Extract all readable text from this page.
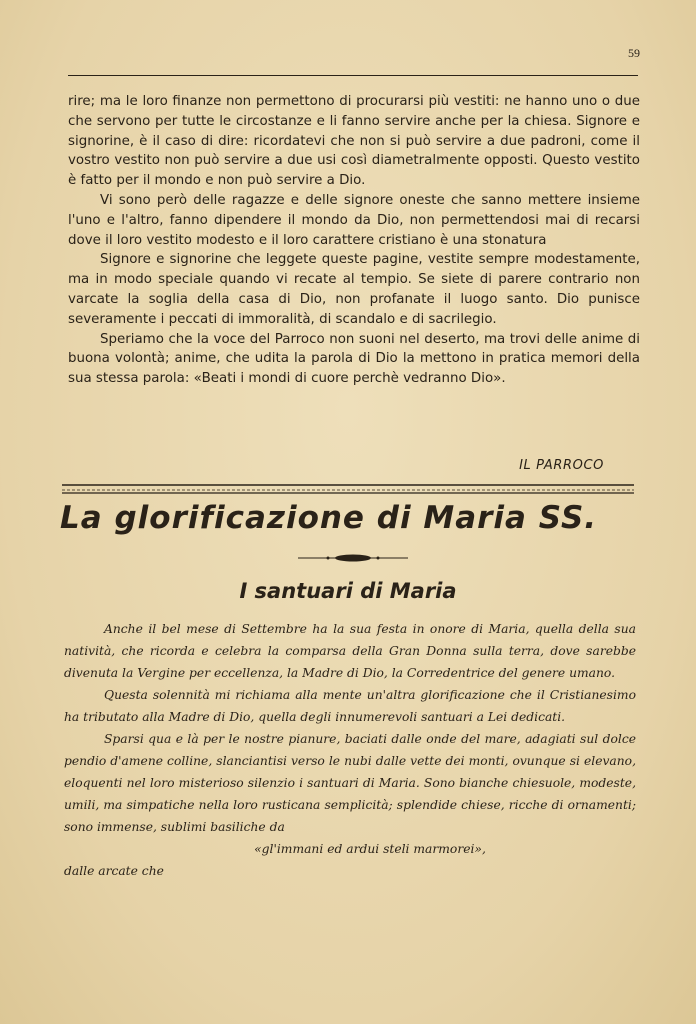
59

rire; ma le loro finanze non permettono di procurarsi più vestiti: ne hanno uno o due che servono per tutte le circostanze e li fanno servire anche per la chiesa. Signore e signorine, è il caso di dire: ricordatevi che non si può servire a due padroni, come il vostro vestito non può servire a due usi così diametralmente opposti. Questo vestito è fatto per il mondo e non può servire a Dio.

Vi sono però delle ragazze e delle signore oneste che sanno mettere insieme l'uno e l'altro, fanno dipendere il mondo da Dio, non permettendosi mai di recarsi dove il loro vestito modesto e il loro carattere cristiano è una stonatura

Signore e signorine che leggete queste pagine, vestite sempre modestamente, ma in modo speciale quando vi recate al tempio. Se siete di parere contrario non varcate la soglia della casa di Dio, non profanate il luogo santo. Dio punisce severamente i peccati di immoralità, di scandalo e di sacrilegio.

Speriamo che la voce del Parroco non suoni nel deserto, ma trovi delle anime di buona volontà; anime, che udita la parola di Dio la mettono in pratica memori della sua stessa parola: «Beati i mondi di cuore perchè vedranno Dio».

IL PARROCO
La glorificazione di Maria SS.
I santuari di Maria

Anche il bel mese di Settembre ha la sua festa in onore di Maria, quella della sua natività, che ricorda e celebra la comparsa della Gran Donna sulla terra, dove sarebbe divenuta la Vergine per eccellenza, la Madre di Dio, la Corredentrice del genere umano.

Questa solennità mi richiama alla mente un'altra glorificazione che il Cristianesimo ha tributato alla Madre di Dio, quella degli innumerevoli santuari a Lei dedicati.

Sparsi qua e là per le nostre pianure, baciati dalle onde del mare, adagiati sul dolce pendio d'amene colline, slanciantisi verso le nubi dalle vette dei monti, ovunque si elevano, eloquenti nel loro misterioso silenzio i santuari di Maria. Sono bianche chiesuole, modeste, umili, ma simpatiche nella loro rusticana semplicità; splendide chiese, ricche di ornamenti; sono immense, sublimi basiliche da

«gl'immani ed ardui steli marmorei»,

dalle arcate che
